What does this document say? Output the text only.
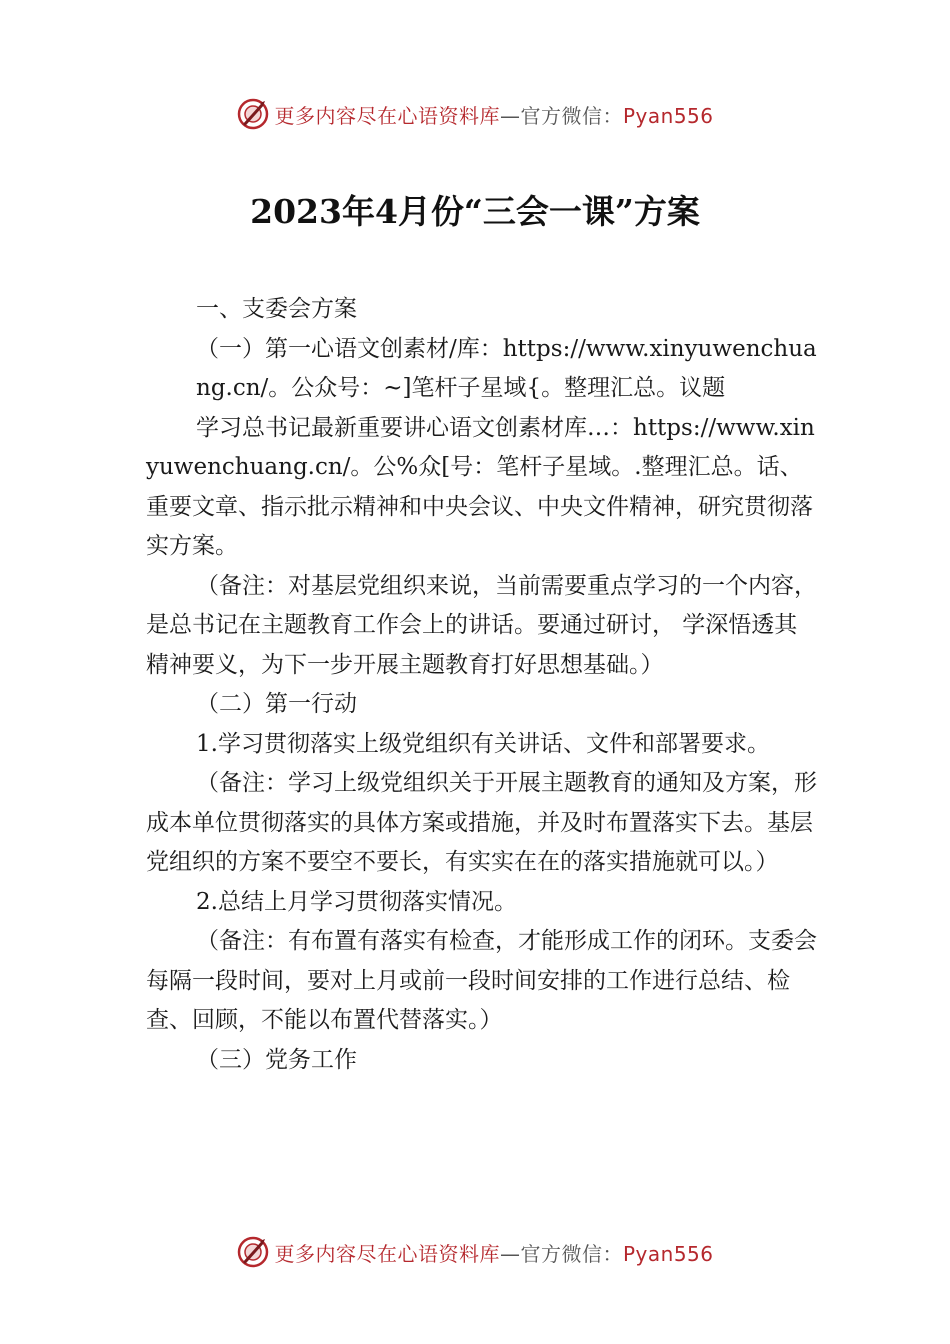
更多内容尽在心语资料库—官方微信：Pyan556
2023年4月份“三会一课”方案

一、支委会方案

（一）第一心语文创素材/库：https://www.xinyuwenchuang.cn/。公众号：~]笔杆子星域{。整理汇总。议题

学习总书记最新重要讲心语文创素材库…：https://www.xinyuwenchuang.cn/。公%众[号：笔杆子星域。.整理汇总。话、重要文章、指示批示精神和中央会议、中央文件精神，研究贯彻落实方案。

（备注：对基层党组织来说，当前需要重点学习的一个内容，是总书记在主题教育工作会上的讲话。要通过研讨， 学深悟透其精神要义，为下一步开展主题教育打好思想基础。）

（二）第一行动

1.学习贯彻落实上级党组织有关讲话、文件和部署要求。

（备注：学习上级党组织关于开展主题教育的通知及方案，形成本单位贯彻落实的具体方案或措施，并及时布置落实下去。基层党组织的方案不要空不要长，有实实在在的落实措施就可以。）

2.总结上月学习贯彻落实情况。

（备注：有布置有落实有检查，才能形成工作的闭环。支委会每隔一段时间，要对上月或前一段时间安排的工作进行总结、检查、回顾，不能以布置代替落实。）

（三）党务工作

更多内容尽在心语资料库—官方微信：Pyan556
